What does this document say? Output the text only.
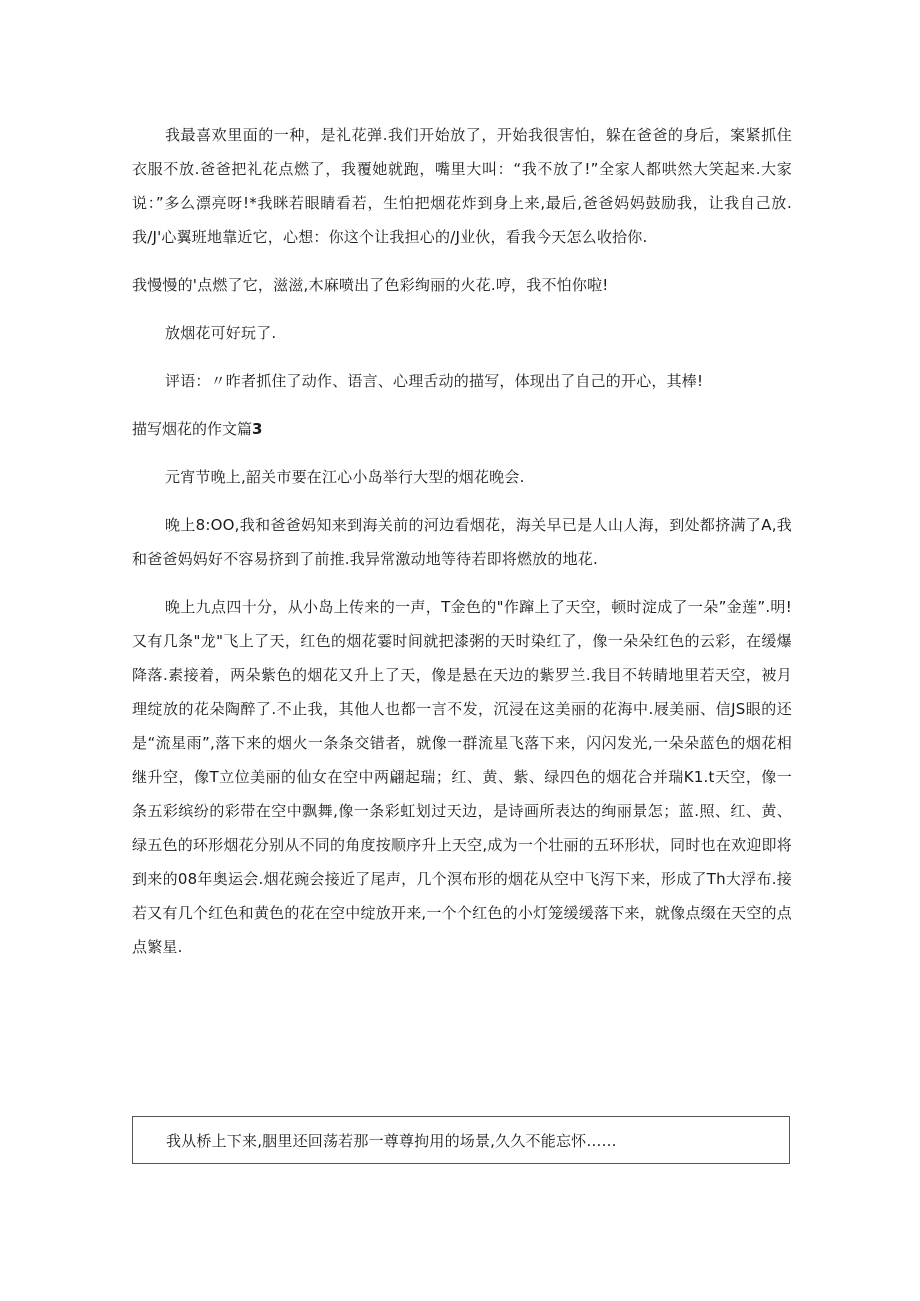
我最喜欢里面的一种，是礼花弹.我们开始放了，开始我很害怕，躲在爸爸的身后，案紧抓住衣服不放.爸爸把礼花点燃了，我覆她就跑，嘴里大叫：“我不放了!”全家人都哄然大笑起来.大家说：”多么漂亮呀!*我眯若眼睛看若，生怕把烟花炸到身上来,最后,爸爸妈妈鼓励我，让我自己放.我/J'心翼班地靠近它，心想：你这个让我担心的/J业伙，看我今天怎么收拾你.

我慢慢的'点燃了它，滋滋,木麻喷出了色彩绚丽的火花.哼，我不怕你啦!

放烟花可好玩了.

评语：〃昨者抓住了动作、语言、心理舌动的描写，体现出了自己的开心，其棒!

描写烟花的作文篇3

元宵节晚上,韶关市要在江心小岛举行大型的烟花晚会.

晚上8:OO,我和爸爸妈知来到海关前的河边看烟花，海关早已是人山人海，到处都挤满了A,我和爸爸妈妈好不容易挤到了前推.我异常激动地等待若即将燃放的地花.

晚上九点四十分，从小岛上传来的一声，T金色的"作蹿上了天空，顿时淀成了一朵”金莲”.明!又有几条"龙"飞上了天，红色的烟花霎时间就把漆粥的天时染红了，像一朵朵红色的云彩，在缓爆降落.素接着，两朵紫色的烟花又升上了天，像是悬在天边的紫罗兰.我目不转睛地里若天空，被月理绽放的花朵陶醉了.不止我，其他人也都一言不发，沉浸在这美丽的花海中.屐美丽、信JS眼的还是“流星雨”,落下来的烟火一条条交错者，就像一群流星飞落下来，闪闪发光,一朵朵蓝色的烟花相继升空，像T立位美丽的仙女在空中两翩起瑞；红、黄、紫、绿四色的烟花合并瑞K1.t天空，像一条五彩缤纷的彩带在空中飘舞,像一条彩虹划过天边，是诗画所表达的绚丽景怎；蓝.照、红、黄、绿五色的环形烟花分别从不同的角度按顺序升上天空,成为一个壮丽的五环形状，同时也在欢迎即将到来的08年奥运会.烟花豌会接近了尾声，几个溟布形的烟花从空中飞泻下来，形成了Th大浮布.接若又有几个红色和黄色的花在空中绽放开来,一个个红色的小灯笼缓缓落下来，就像点缀在天空的点点繁星.

我从桥上下来,胭里还回荡若那一尊尊拘用的场景,久久不能忘怀……
